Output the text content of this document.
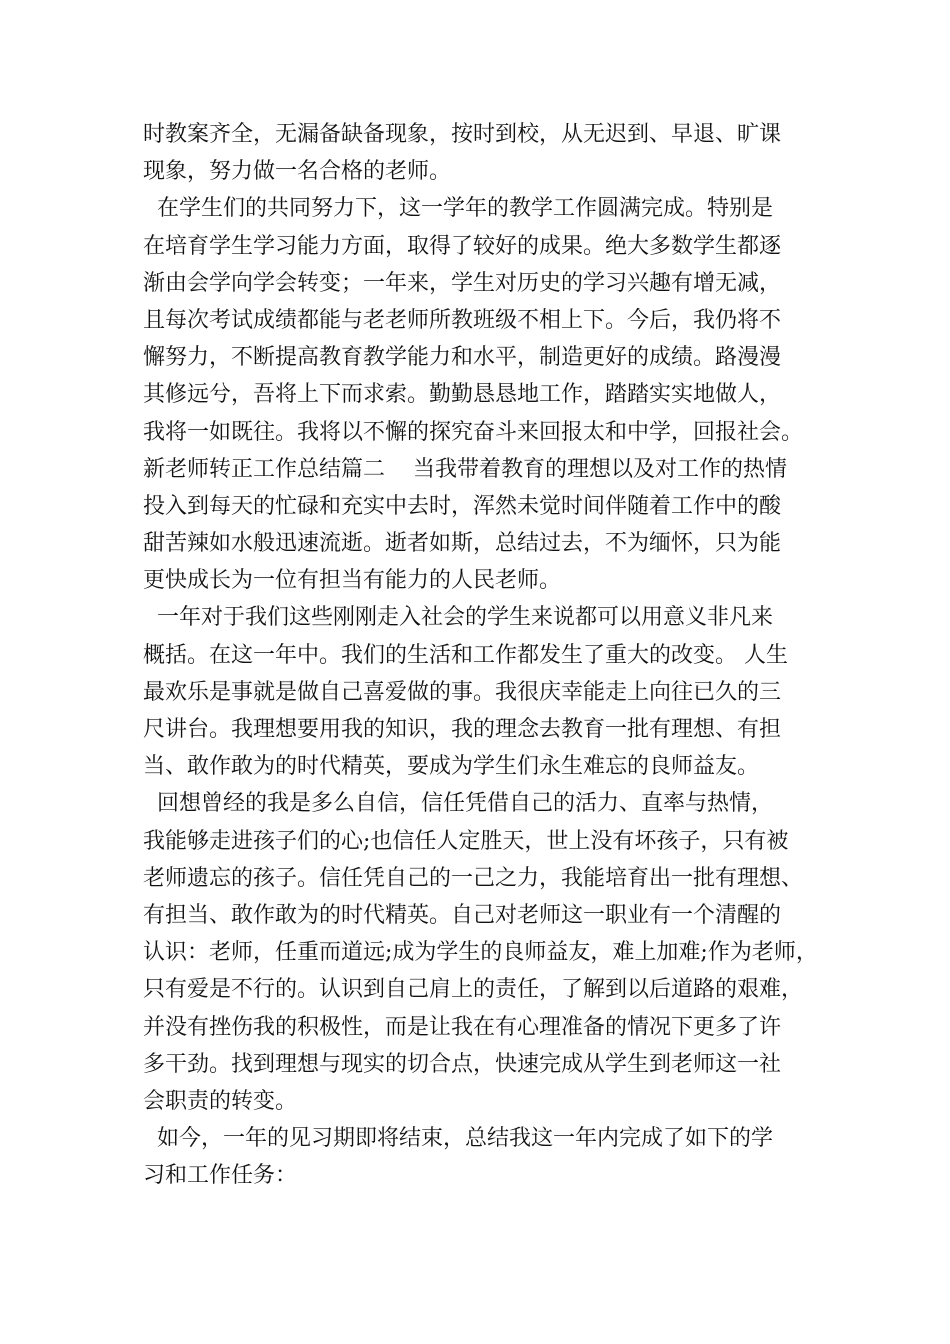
时教案齐全，无漏备缺备现象，按时到校，从无迟到、早退、旷课
现象，努力做一名合格的老师。

在学生们的共同努力下，这一学年的教学工作圆满完成。特别是
在培育学生学习能力方面，取得了较好的成果。绝大多数学生都逐
渐由会学向学会转变；一年来，学生对历史的学习兴趣有增无减，
且每次考试成绩都能与老老师所教班级不相上下。今后，我仍将不
懈努力，不断提高教育教学能力和水平，制造更好的成绩。路漫漫
其修远兮，吾将上下而求索。勤勤恳恳地工作，踏踏实实地做人，
我将一如既往。我将以不懈的探究奋斗来回报太和中学，回报社会。
新老师转正工作总结篇二    当我带着教育的理想以及对工作的热情
投入到每天的忙碌和充实中去时，浑然未觉时间伴随着工作中的酸
甜苦辣如水般迅速流逝。逝者如斯，总结过去，不为缅怀，只为能
更快成长为一位有担当有能力的人民老师。

一年对于我们这些刚刚走入社会的学生来说都可以用意义非凡来
概括。在这一年中。我们的生活和工作都发生了重大的改变。 人生
最欢乐是事就是做自己喜爱做的事。我很庆幸能走上向往已久的三
尺讲台。我理想要用我的知识，我的理念去教育一批有理想、有担
当、敢作敢为的时代精英，要成为学生们永生难忘的良师益友。

回想曾经的我是多么自信，信任凭借自己的活力、直率与热情，
我能够走进孩子们的心;也信任人定胜天，世上没有坏孩子，只有被
老师遗忘的孩子。信任凭自己的一己之力，我能培育出一批有理想、
有担当、敢作敢为的时代精英。自己对老师这一职业有一个清醒的
认识：老师，任重而道远;成为学生的良师益友，难上加难;作为老师，
只有爱是不行的。认识到自己肩上的责任，了解到以后道路的艰难，
并没有挫伤我的积极性，而是让我在有心理准备的情况下更多了许
多干劲。找到理想与现实的切合点，快速完成从学生到老师这一社
会职责的转变。

如今，一年的见习期即将结束，总结我这一年内完成了如下的学
习和工作任务：
